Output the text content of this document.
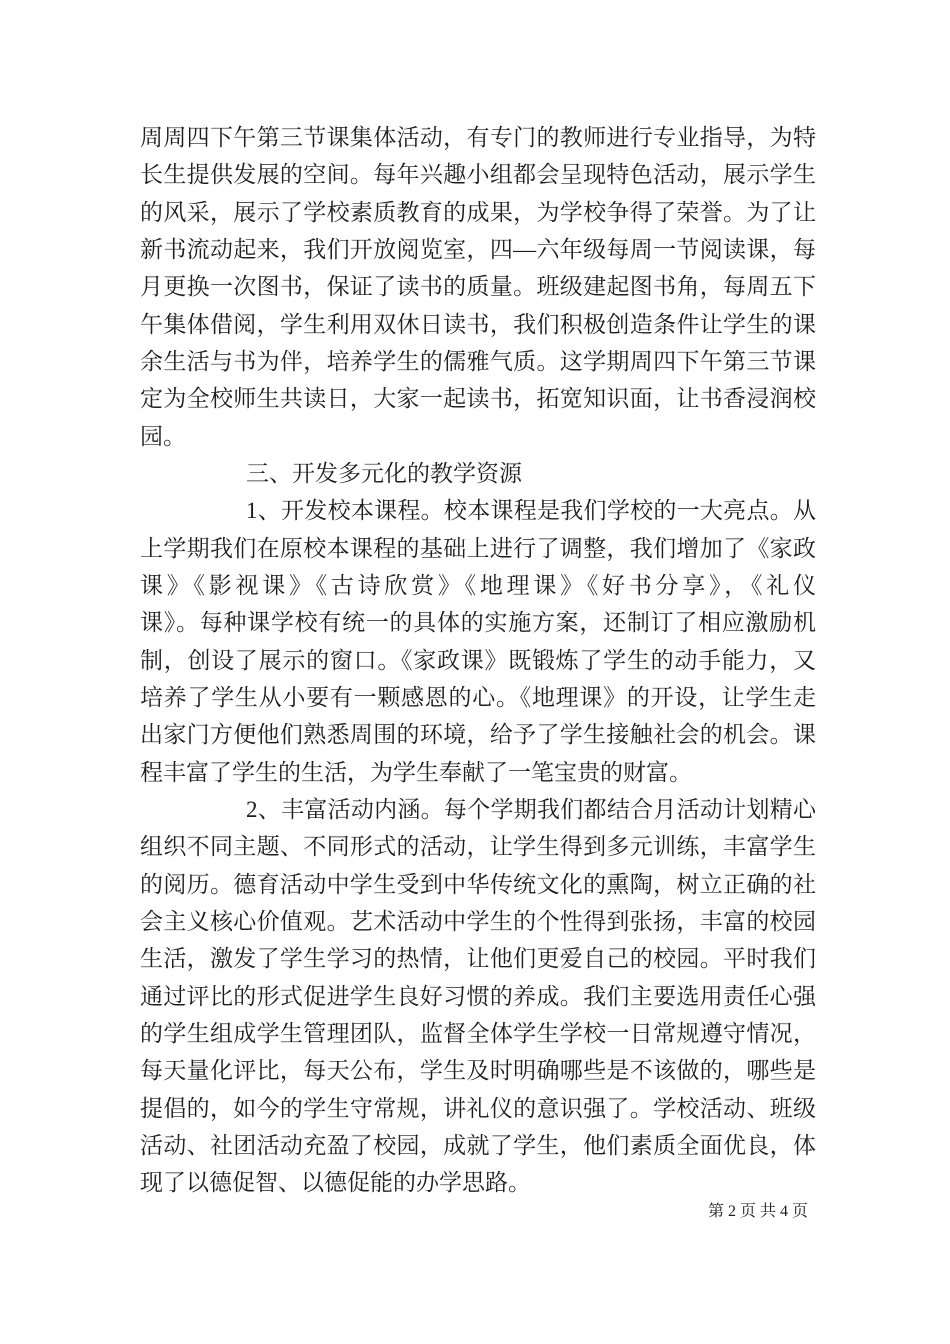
周周四下午第三节课集体活动，有专门的教师进行专业指导，为特
长生提供发展的空间。每年兴趣小组都会呈现特色活动，展示学生
的风采，展示了学校素质教育的成果，为学校争得了荣誉。为了让
新书流动起来，我们开放阅览室，四—六年级每周一节阅读课，每
月更换一次图书，保证了读书的质量。班级建起图书角，每周五下
午集体借阅，学生利用双休日读书，我们积极创造条件让学生的课
余生活与书为伴，培养学生的儒雅气质。这学期周四下午第三节课
定为全校师生共读日，大家一起读书，拓宽知识面，让书香浸润校
园。
三、开发多元化的教学资源
1、开发校本课程。校本课程是我们学校的一大亮点。从
上学期我们在原校本课程的基础上进行了调整，我们增加了《家政
课》《影视课》《古诗欣赏》《地理课》《好书分享》，《礼仪
课》。每种课学校有统一的具体的实施方案，还制订了相应激励机
制，创设了展示的窗口。《家政课》既锻炼了学生的动手能力，又
培养了学生从小要有一颗感恩的心。《地理课》的开设，让学生走
出家门方便他们熟悉周围的环境，给予了学生接触社会的机会。课
程丰富了学生的生活，为学生奉献了一笔宝贵的财富。
2、丰富活动内涵。每个学期我们都结合月活动计划精心
组织不同主题、不同形式的活动，让学生得到多元训练，丰富学生
的阅历。德育活动中学生受到中华传统文化的熏陶，树立正确的社
会主义核心价值观。艺术活动中学生的个性得到张扬，丰富的校园
生活，激发了学生学习的热情，让他们更爱自己的校园。平时我们
通过评比的形式促进学生良好习惯的养成。我们主要选用责任心强
的学生组成学生管理团队，监督全体学生学校一日常规遵守情况，
每天量化评比，每天公布，学生及时明确哪些是不该做的，哪些是
提倡的，如今的学生守常规，讲礼仪的意识强了。学校活动、班级
活动、社团活动充盈了校园，成就了学生，他们素质全面优良，体
现了以德促智、以德促能的办学思路。
第 2 页 共 4 页
